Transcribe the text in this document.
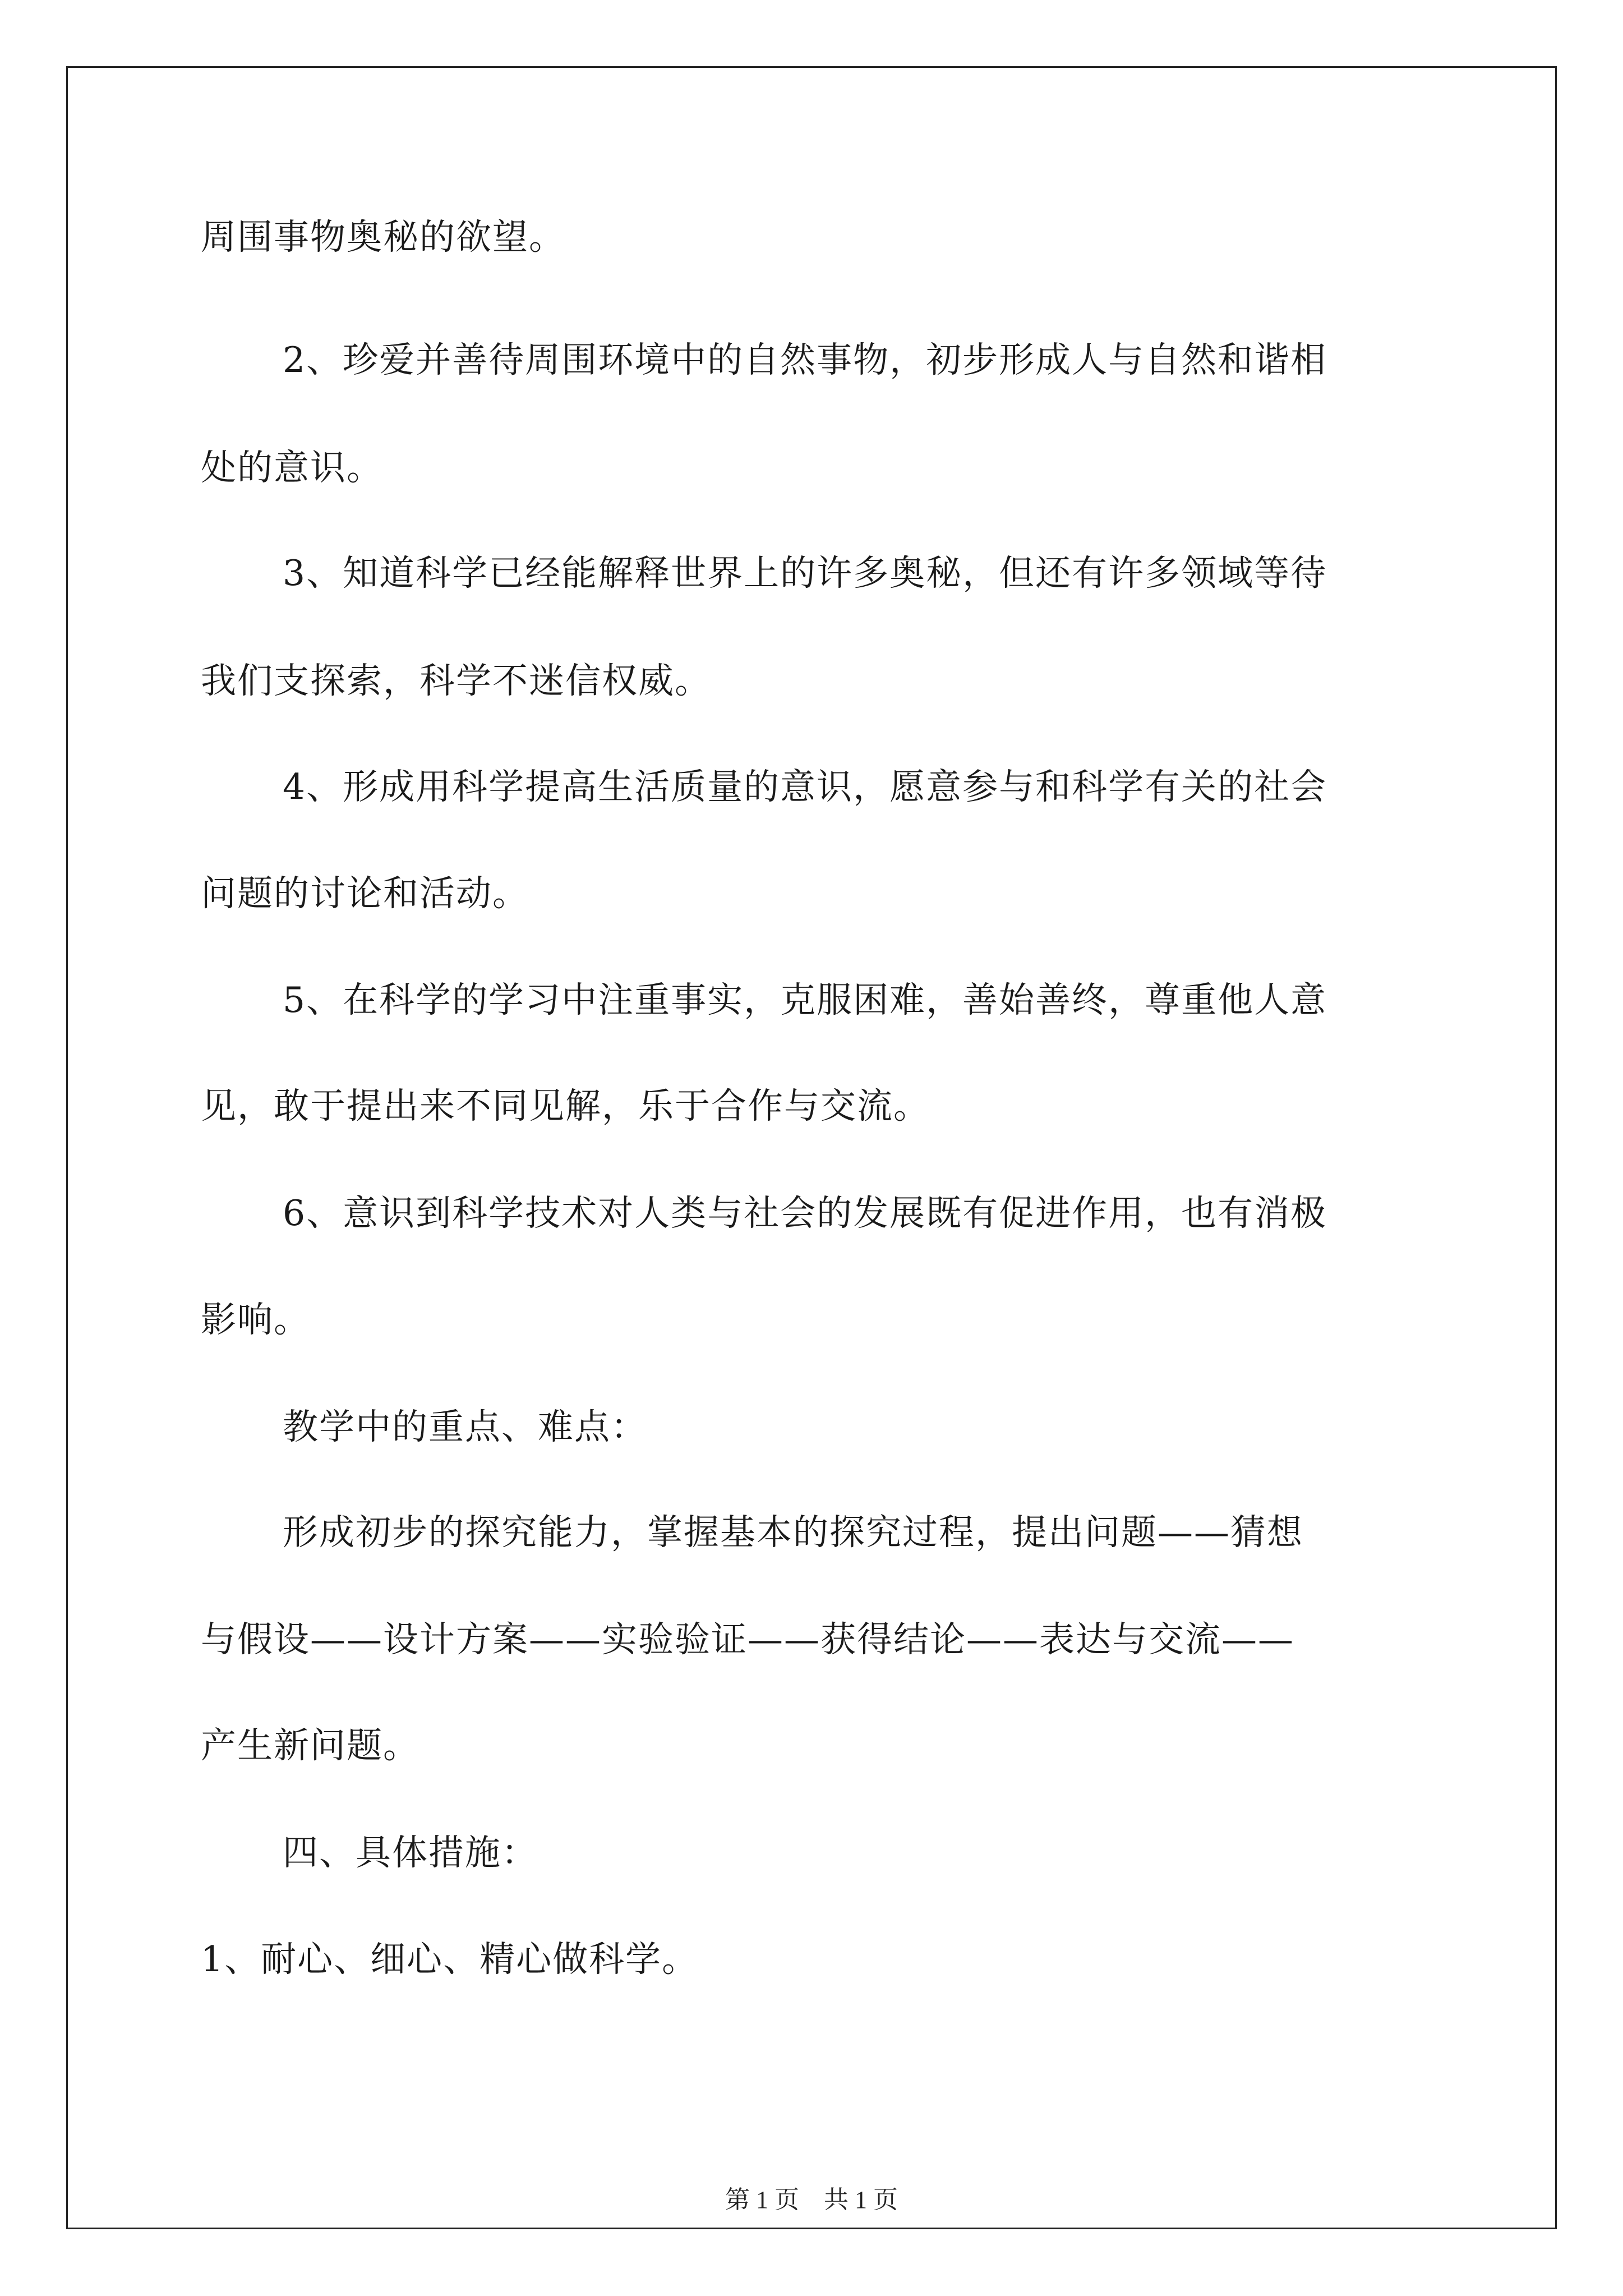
周围事物奥秘的欲望。
2、珍爱并善待周围环境中的自然事物，初步形成人与自然和谐相
处的意识。
3、知道科学已经能解释世界上的许多奥秘，但还有许多领域等待
我们支探索，科学不迷信权威。
4、形成用科学提高生活质量的意识，愿意参与和科学有关的社会
问题的讨论和活动。
5、在科学的学习中注重事实，克服困难，善始善终，尊重他人意
见，敢于提出来不同见解，乐于合作与交流。
6、意识到科学技术对人类与社会的发展既有促进作用，也有消极
影响。
教学中的重点、难点：
形成初步的探究能力，掌握基本的探究过程，提出问题——猜想
与假设——设计方案——实验验证——获得结论——表达与交流——
产生新问题。
四、具体措施：
1、耐心、细心、精心做科学。
第 1 页　共 1 页
